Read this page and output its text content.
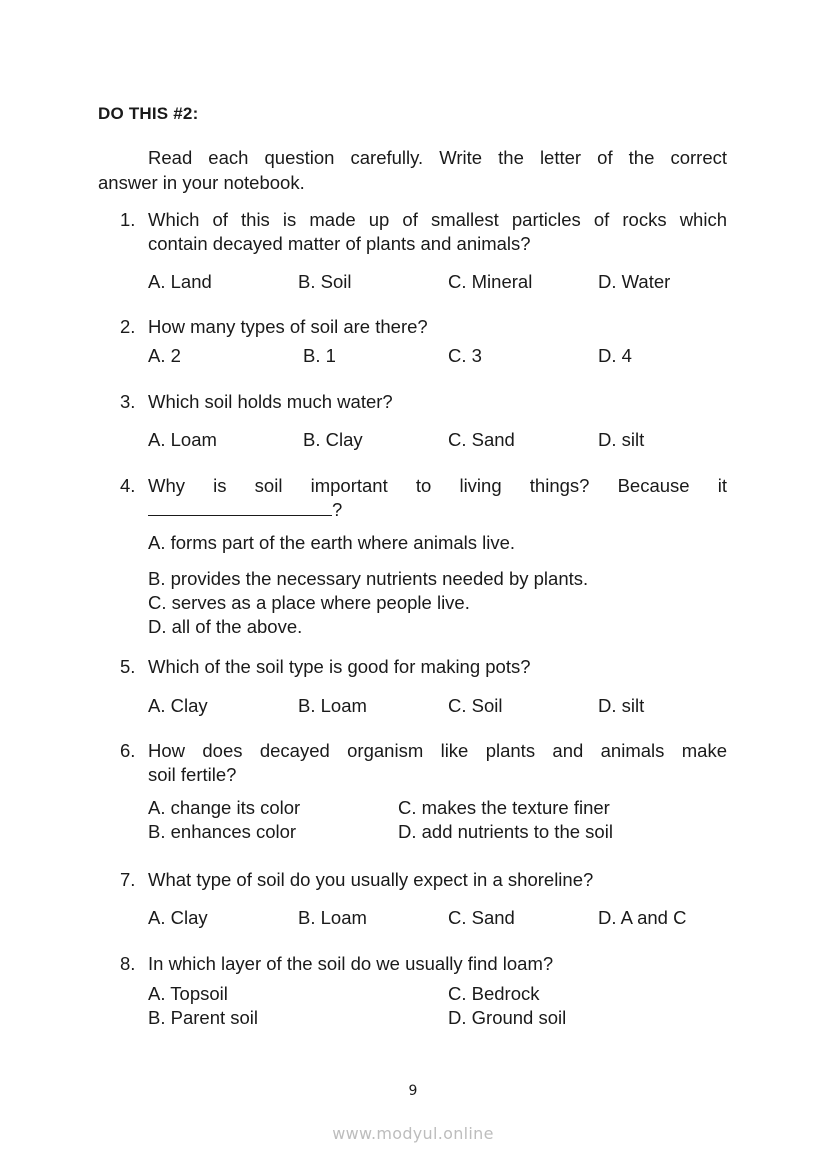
DO THIS #2:
Read each question carefully. Write the letter of the correct
answer in your notebook.
1. Which of this is made up of smallest particles of rocks which
contain decayed matter of plants and animals?
A. Land	B. Soil	C. Mineral	D. Water
2. How many types of soil are there?
A. 2	B. 1	C. 3	D. 4
3. Which soil holds much water?
A. Loam	B. Clay	C. Sand	D. silt
4. Why is soil important to living things? Because it
?
A. forms part of the earth where animals live.
B. provides the necessary nutrients needed by plants.
C. serves as a place where people live.
D. all of the above.
5. Which of the soil type is good for making pots?
A. Clay	B. Loam	C. Soil	D. silt
6. How does decayed organism like plants and animals make
soil fertile?
A. change its color
B. enhances color
C. makes the texture finer
D. add nutrients to the soil
7. What type of soil do you usually expect in a shoreline?
A. Clay	B. Loam	C. Sand	D. A and C
8. In which layer of the soil do we usually find loam?
A. Topsoil
B. Parent soil
C. Bedrock
D. Ground soil
9
www.modyul.online
